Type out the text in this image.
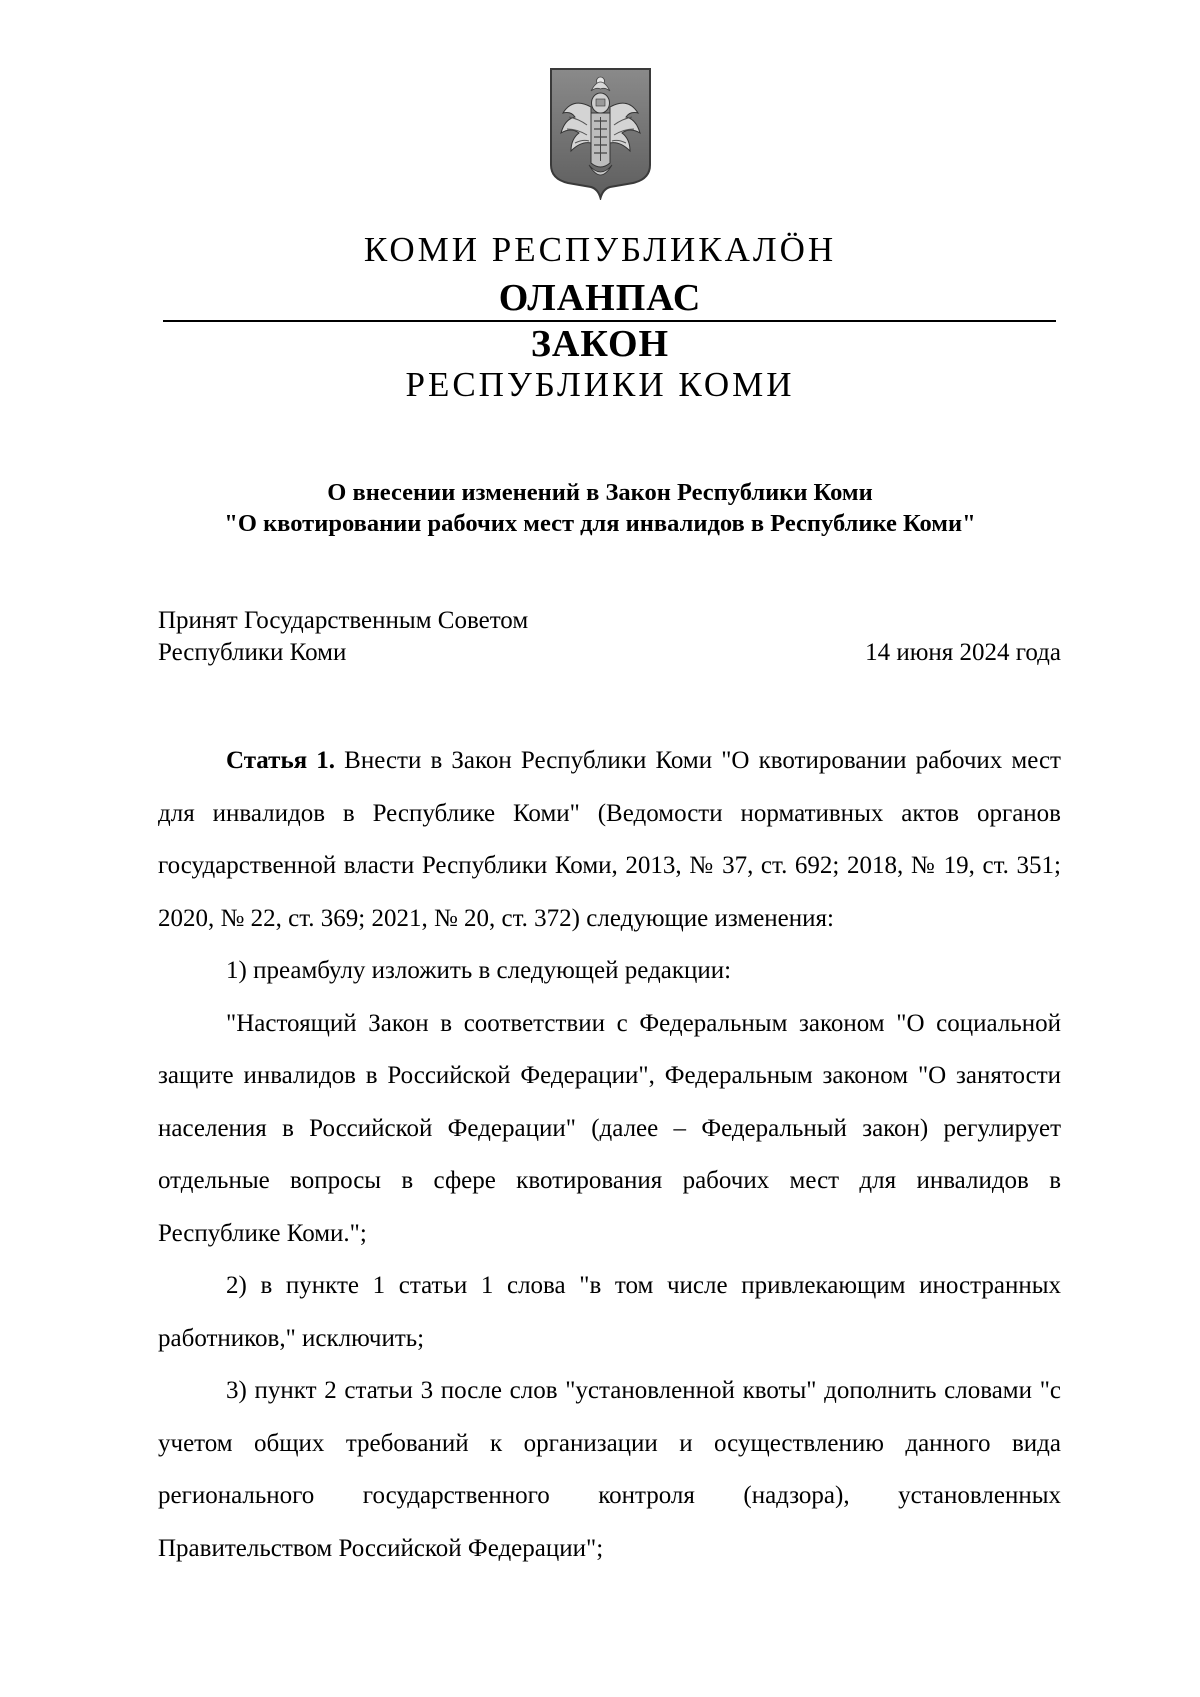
КОМИ РЕСПУБЛИКАЛӦН
ОЛАНПАС
ЗАКОН
РЕСПУБЛИКИ КОМИ
О внесении изменений в Закон Республики Коми
"О квотировании рабочих мест для инвалидов в Республике Коми"
Принят Государственным Советом
Республики Коми	14 июня 2024 года

Статья 1. Внести в Закон Республики Коми "О квотировании рабочих мест для инвалидов в Республике Коми" (Ведомости нормативных актов органов государственной власти Республики Коми, 2013, № 37, ст. 692; 2018, № 19, ст. 351; 2020, № 22, ст. 369; 2021, № 20, ст. 372) следующие изменения:

1) преамбулу изложить в следующей редакции:

"Настоящий Закон в соответствии с Федеральным законом "О социальной защите инвалидов в Российской Федерации", Федеральным законом "О занятости населения в Российской Федерации" (далее – Федеральный закон) регулирует отдельные вопросы в сфере квотирования рабочих мест для инвалидов в Республике Коми.";

2) в пункте 1 статьи 1 слова "в том числе привлекающим иностранных работников," исключить;

3) пункт 2 статьи 3 после слов "установленной квоты" дополнить словами "с учетом общих требований к организации и осуществлению данного вида регионального государственного контроля (надзора), установленных Правительством Российской Федерации";
